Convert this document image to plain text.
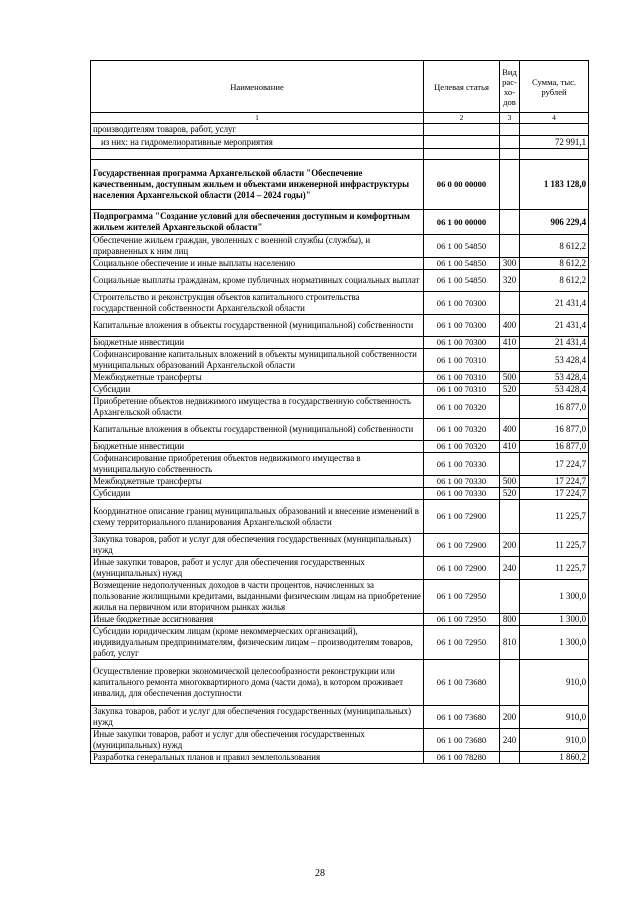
Наименование	Целевая статья	Вид рас-хо-дов	Сумма, тыс. рублей
1	2	3	4
производителям товаров, работ, услуг			
из них: на гидромелиоративные мероприятия			72 991,1

Государственная программа Архангельской области "Обеспечение качественным, доступным жильем и объектами инженерной инфраструктуры населения Архангельской области (2014 – 2024 годы)"	06 0 00 00000		1 183 128,0
Подпрограмма "Создание условий для обеспечения доступным и комфортным жильем жителей Архангельской области"	06 1 00 00000		906 229,4
Обеспечение жильем граждан, уволенных с военной службы (службы), и приравненных к ним лиц	06 1 00 54850		8 612,2
Социальное обеспечение и иные выплаты населению	06 1 00 54850	300	8 612,2
Социальные выплаты гражданам, кроме публичных нормативных социальных выплат	06 1 00 54850	320	8 612,2
Строительство и реконструкция объектов капитального строительства государственной собственности Архангельской области	06 1 00 70300		21 431,4
Капитальные вложения в объекты государственной (муниципальной) собственности	06 1 00 70300	400	21 431,4
Бюджетные инвестиции	06 1 00 70300	410	21 431,4
Софинансирование капитальных вложений в объекты муниципальной собственности муниципальных образований Архангельской области	06 1 00 70310		53 428,4
Межбюджетные трансферты	06 1 00 70310	500	53 428,4
Субсидии	06 1 00 70310	520	53 428,4
Приобретение объектов недвижимого имущества в государственную собственность Архангельской области	06 1 00 70320		16 877,0
Капитальные вложения в объекты государственной (муниципальной) собственности	06 1 00 70320	400	16 877,0
Бюджетные инвестиции	06 1 00 70320	410	16 877,0
Софинансирование приобретения объектов недвижимого имущества в муниципальную собственность	06 1 00 70330		17 224,7
Межбюджетные трансферты	06 1 00 70330	500	17 224,7
Субсидии	06 1 00 70330	520	17 224,7
Координатное описание границ муниципальных образований и внесение изменений в схему территориального планирования Архангельской области	06 1 00 72900		11 225,7
Закупка товаров, работ и услуг для обеспечения государственных (муниципальных) нужд	06 1 00 72900	200	11 225,7
Иные закупки товаров, работ и услуг для обеспечения государственных (муниципальных) нужд	06 1 00 72900	240	11 225,7
Возмещение недополученных доходов в части процентов, начисленных за пользование жилищными кредитами, выданными физическим лицам на приобретение жилья на первичном или вторичном рынках жилья	06 1 00 72950		1 300,0
Иные бюджетные ассигнования	06 1 00 72950	800	1 300,0
Субсидии юридическим лицам (кроме некоммерческих организаций), индивидуальным предпринимателям, физическим лицам – производителям товаров, работ, услуг	06 1 00 72950	810	1 300,0
Осуществление проверки экономической целесообразности реконструкции или капитального ремонта многоквартирного дома (части дома), в котором проживает инвалид, для обеспечения доступности	06 1 00 73680		910,0
Закупка товаров, работ и услуг для обеспечения государственных (муниципальных) нужд	06 1 00 73680	200	910,0
Иные закупки товаров, работ и услуг для обеспечения государственных (муниципальных) нужд	06 1 00 73680	240	910,0
Разработка генеральных планов и правил землепользования	06 1 00 78280		1 860,2
28
